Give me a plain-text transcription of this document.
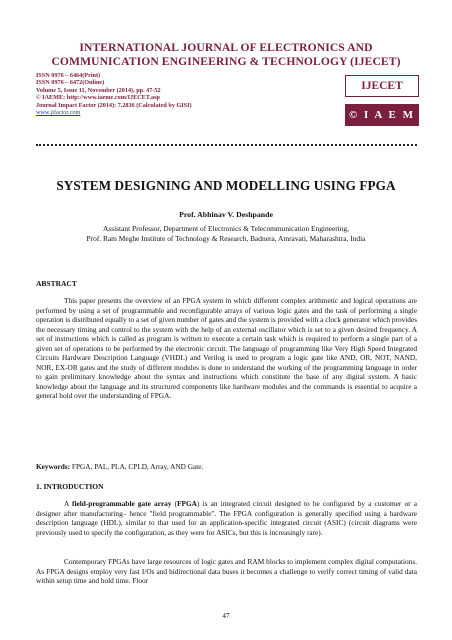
INTERNATIONAL JOURNAL OF ELECTRONICS AND
COMMUNICATION ENGINEERING & TECHNOLOGY (IJECET)
ISSN 0976 – 6464(Print)
ISSN 0976 – 6472(Online)
Volume 5, Issue 11, November (2014), pp. 47-52
© IAEME: http://www.iaeme.com/IJECET.asp
Journal Impact Factor (2014): 7.2836 (Calculated by GISI)
www.jifactor.com
IJECET
© I A E M E
SYSTEM DESIGNING AND MODELLING USING FPGA
Prof. Abhinav V. Deshpande
Assistant Professor, Department of Electronics & Telecommunication Engineering,
Prof. Ram Meghe Institute of Technology & Research, Badnera, Amravati, Maharashtra, India
ABSTRACT
This paper presents the overview of an FPGA system in which different complex arithmetic and logical operations are performed by using a set of programmable and reconfigurable arrays of various logic gates and the task of performing a single operation is distributed equally to a set of given number of gates and the system is provided with a clock generator which provides the necessary timing and control to the system with the help of an external oscillator which is set to a given desired frequency. A set of instructions which is called as program is written to execute a certain task which is required to perform a single part of a given set of operations to be performed by the electronic circuit. The language of programming like Very High Speed Integrated Circuits Hardware Description Language (VHDL) and Verilog is used to program a logic gate like AND, OR, NOT, NAND, NOR, EX-OR gates and the study of different modules is done to understand the working of the programming language in order to gain preliminary knowledge about the syntax and instructions which constitute the base of any digital system. A basic knowledge about the language and its structured components like hardware modules and the commands is essential to acquire a general hold over the understanding of FPGA.
Keywords: FPGA, PAL, PLA, CPLD, Array, AND Gate.
1. INTRODUCTION
A field-programmable gate array (FPGA) is an integrated circuit designed to be configured by a customer or a designer after manufacturing– hence "field programmable". The FPGA configuration is generally specified using a hardware description language (HDL), similar to that used for an application-specific integrated circuit (ASIC) (circuit diagrams were previously used to specify the configuration, as they were for ASICs, but this is increasingly rare).
Contemporary FPGAs have large resources of logic gates and RAM blocks to implement complex digital computations. As FPGA designs employ very fast I/Os and bidirectional data buses it becomes a challenge to verify correct timing of valid data within setup time and hold time. Floor
47
